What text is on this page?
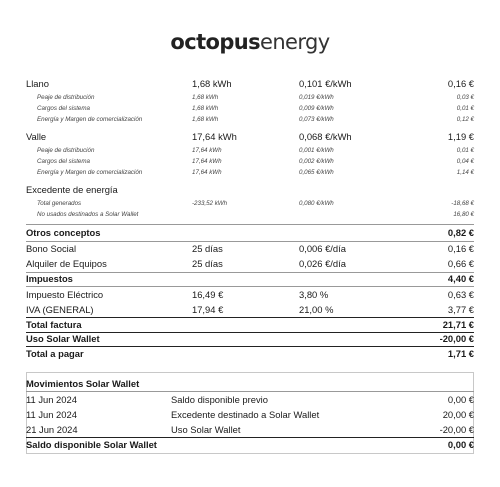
octopusenergy
Llano	1,68 kWh	0,101 €/kWh	0,16 €
Peaje de distribución	1,68 kWh	0,019 €/kWh	0,03 €
Cargos del sistema	1,68 kWh	0,009 €/kWh	0,01 €
Energía y Margen de comercialización	1,68 kWh	0,073 €/kWh	0,12 €
Valle	17,64 kWh	0,068 €/kWh	1,19 €
Peaje de distribución	17,64 kWh	0,001 €/kWh	0,01 €
Cargos del sistema	17,64 kWh	0,002 €/kWh	0,04 €
Energía y Margen de comercialización	17,64 kWh	0,065 €/kWh	1,14 €
Excedente de energía
Total generados	-233,52 kWh	0,080 €/kWh	-18,68 €
No usados destinados a Solar Wallet	16,80 €
Otros conceptos	0,82 €
Bono Social	25 días	0,006 €/día	0,16 €
Alquiler de Equipos	25 días	0,026 €/día	0,66 €
Impuestos	4,40 €
Impuesto Eléctrico	16,49 €	3,80 %	0,63 €
IVA (GENERAL)	17,94 €	21,00 %	3,77 €
Total factura	21,71 €
Uso Solar Wallet	-20,00 €
Total a pagar	1,71 €
Movimientos Solar Wallet
11 Jun 2024	Saldo disponible previo	0,00 €
11 Jun 2024	Excedente destinado a Solar Wallet	20,00 €
21 Jun 2024	Uso Solar Wallet	-20,00 €
Saldo disponible Solar Wallet	0,00 €
